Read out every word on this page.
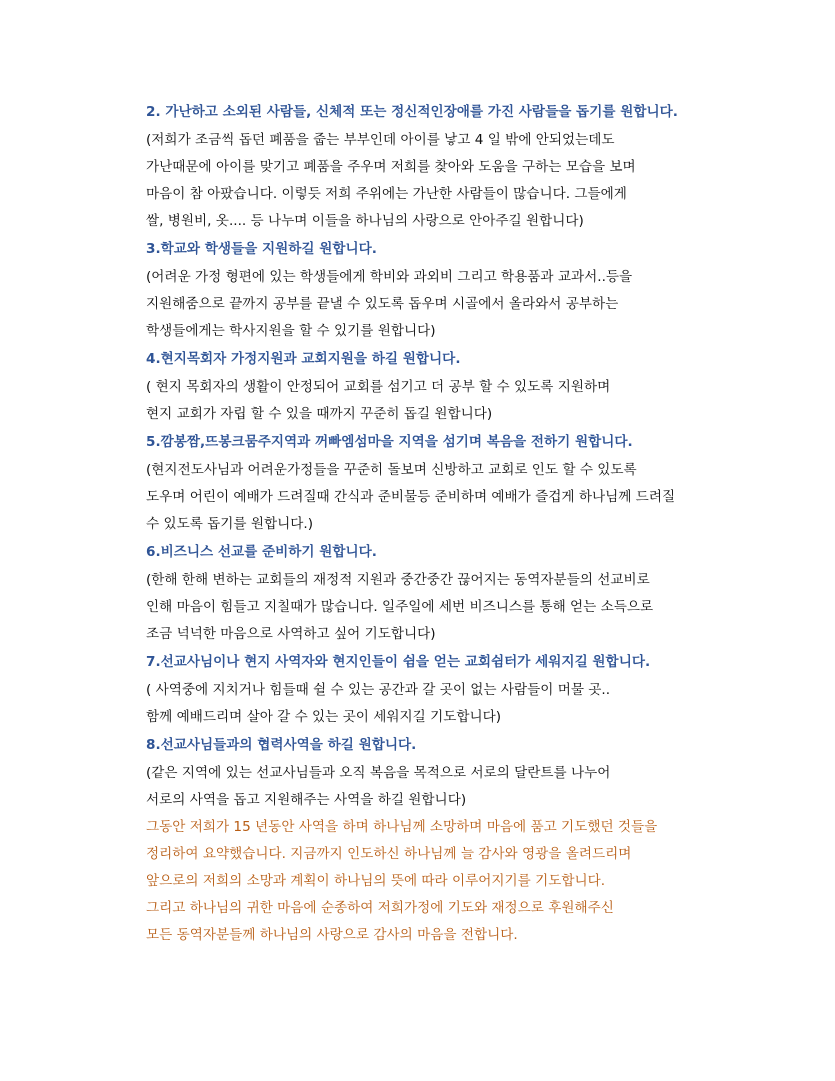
2. 가난하고 소외된 사람들, 신체적 또는 정신적인장애를 가진 사람들을 돕기를 원합니다.
(저희가 조금씩 돕던 폐품을 줍는 부부인데 아이를 낳고 4 일 밖에 안되었는데도
가난때문에 아이를 맞기고 폐품을 주우며 저희를 찾아와 도움을 구하는 모습을 보며
마음이 참 아팠습니다. 이렇듯 저희 주위에는 가난한 사람들이 많습니다. 그들에게
쌀, 병원비, 옷.... 등 나누며 이들을 하나님의 사랑으로 안아주길 원합니다)
3.학교와 학생들을 지원하길 원합니다.
(어려운 가정 형편에 있는 학생들에게 학비와 과외비 그리고 학용품과 교과서..등을
지원해줌으로 끝까지 공부를 끝낼 수 있도록 돕우며 시골에서 올라와서 공부하는
학생들에게는 학사지원을 할 수 있기를 원합니다)
4.현지목회자 가정지원과 교회지원을 하길 원합니다.
( 현지 목회자의 생활이 안정되어 교회를 섬기고 더 공부 할 수 있도록 지원하며
현지 교회가 자립 할 수 있을 때까지 꾸준히 돕길 원합니다)
5.깜봉짬,뜨봉크뭄주지역과 꺼빠엠섬마을 지역을 섬기며 복음을 전하기 원합니다.
(현지전도사님과 어려운가정들을 꾸준히 돌보며 신방하고 교회로 인도 할 수 있도록
도우며 어린이 예배가 드려질때 간식과 준비물등 준비하며 예배가 즐겁게 하나님께 드려질
수 있도록 돕기를 원합니다.)
6.비즈니스 선교를 준비하기 원합니다.
(한해 한해 변하는 교회들의 재정적 지원과 중간중간 끊어지는 동역자분들의 선교비로
인해 마음이 힘들고 지칠때가 많습니다. 일주일에 세번 비즈니스를 통해 얻는 소득으로
조금 넉넉한 마음으로 사역하고 싶어 기도합니다)
7.선교사님이나 현지 사역자와 현지인들이 쉼을 얻는 교회쉼터가 세워지길 원합니다.
( 사역중에 지치거나 힘들때 쉴 수 있는 공간과 갈 곳이 없는 사람들이 머물 곳..
함께 예배드리며 살아 갈 수 있는 곳이 세워지길 기도합니다)
8.선교사님들과의 협력사역을 하길 원합니다.
(같은 지역에 있는 선교사님들과 오직 복음을 목적으로 서로의 달란트를 나누어
서로의 사역을 돕고 지원해주는 사역을 하길 원합니다)
그동안 저희가 15 년동안 사역을 하며 하나님께 소망하며 마음에 품고 기도했던 것들을
정리하여 요약했습니다. 지금까지 인도하신 하나님께 늘 감사와 영광을 올려드리며
앞으로의 저희의 소망과 계획이 하나님의 뜻에 따라 이루어지기를 기도합니다.
그리고 하나님의 귀한 마음에 순종하여 저희가정에 기도와 재정으로 후원해주신
모든 동역자분들께 하나님의 사랑으로 감사의 마음을 전합니다.
